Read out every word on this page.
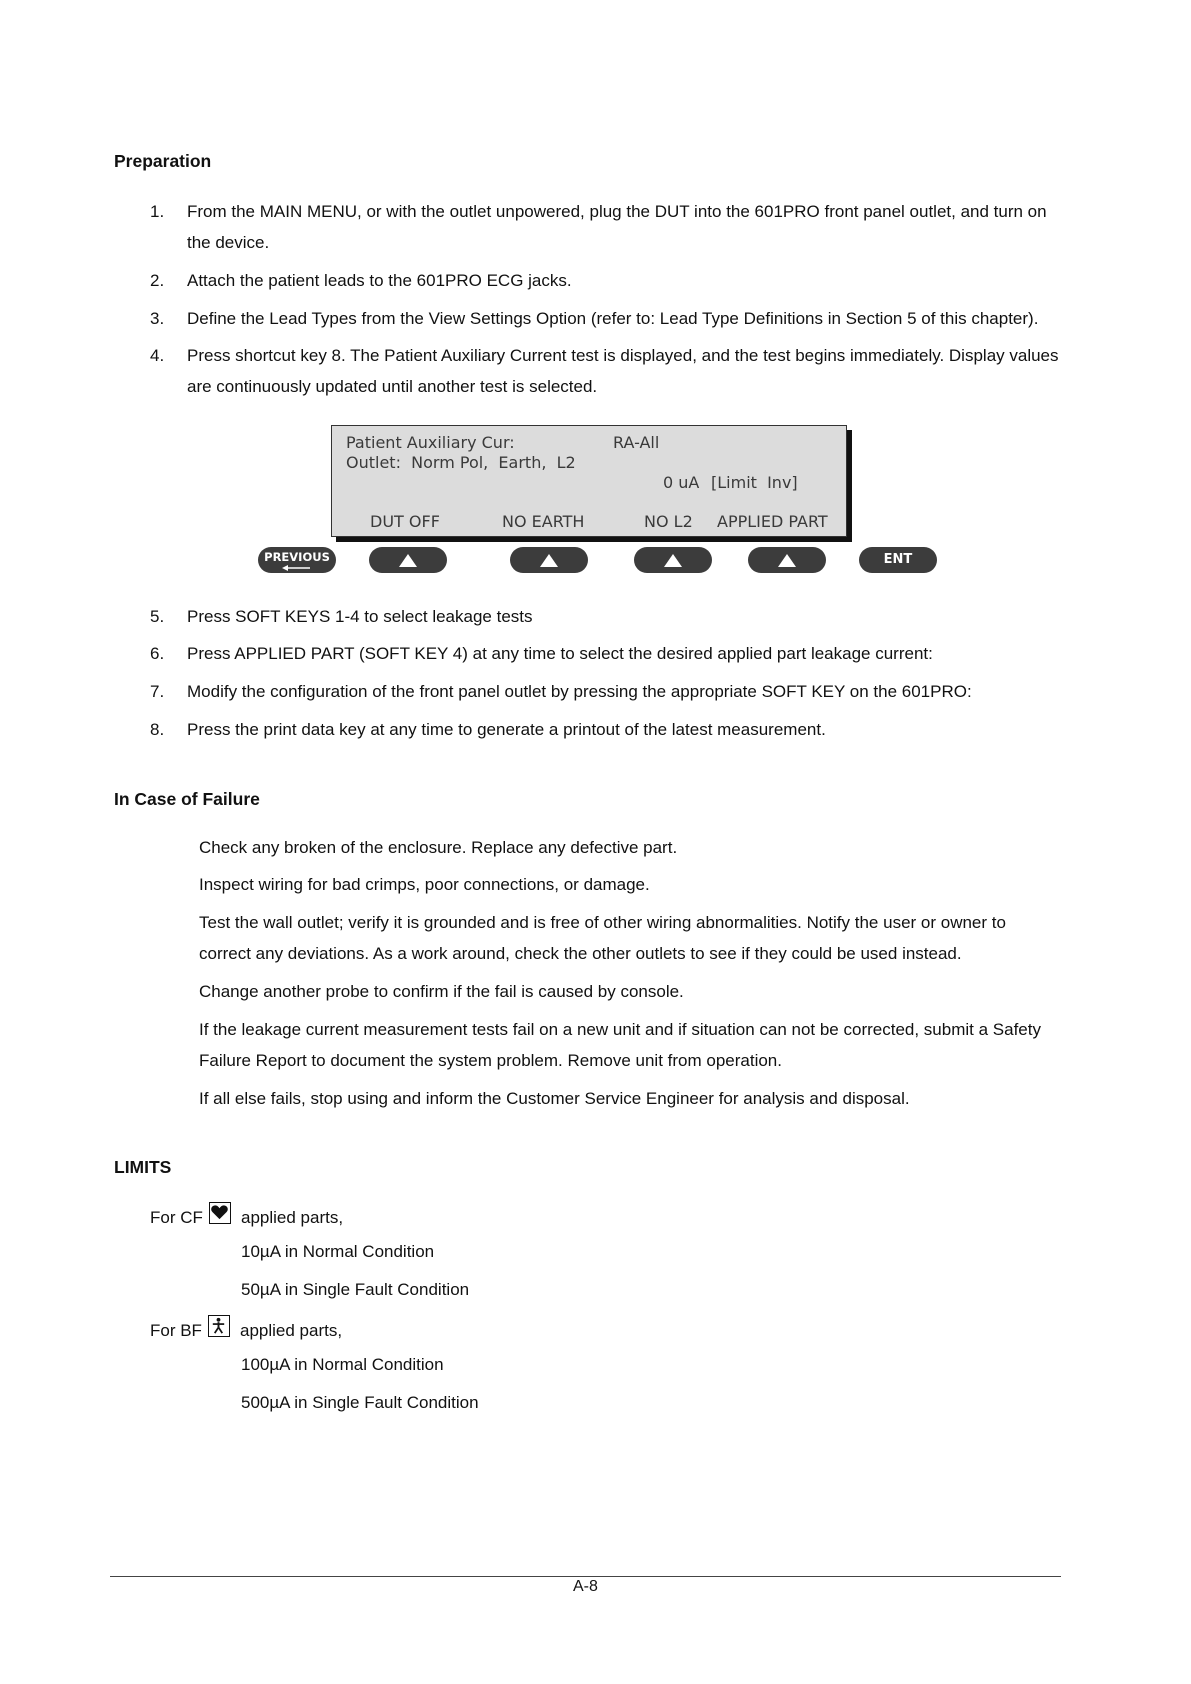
Preparation
1.	From the MAIN MENU, or with the outlet unpowered, plug the DUT into the 601PRO front panel outlet, and turn on the device.
2.	Attach the patient leads to the 601PRO ECG jacks.
3.	Define the Lead Types from the View Settings Option (refer to: Lead Type Definitions in Section 5 of this chapter).
4.	Press shortcut key 8. The Patient Auxiliary Current test is displayed, and the test begins immediately. Display values are continuously updated until another test is selected.
Patient Auxiliary Cur:	RA-All
Outlet:  Norm Pol,  Earth,  L2
0 uA [Limit  Inv]
DUT OFF	NO EARTH	NO L2 APPLIED PART
PREVIOUS	ENT
5.	Press SOFT KEYS 1-4 to select leakage tests
6.	Press APPLIED PART (SOFT KEY 4) at any time to select the desired applied part leakage current:
7.	Modify the configuration of the front panel outlet by pressing the appropriate SOFT KEY on the 601PRO:
8.	Press the print data key at any time to generate a printout of the latest measurement.
In Case of Failure
Check any broken of the enclosure. Replace any defective part.
Inspect wiring for bad crimps, poor connections, or damage.
Test the wall outlet; verify it is grounded and is free of other wiring abnormalities. Notify the user or owner to correct any deviations. As a work around, check the other outlets to see if they could be used instead.
Change another probe to confirm if the fail is caused by console.
If the leakage current measurement tests fail on a new unit and if situation can not be corrected, submit a Safety Failure Report to document the system problem. Remove unit from operation.
If all else fails, stop using and inform the Customer Service Engineer for analysis and disposal.
LIMITS
For CF applied parts,
10µA in Normal Condition
50µA in Single Fault Condition
For BF applied parts,
100µA in Normal Condition
500µA in Single Fault Condition
A-8
